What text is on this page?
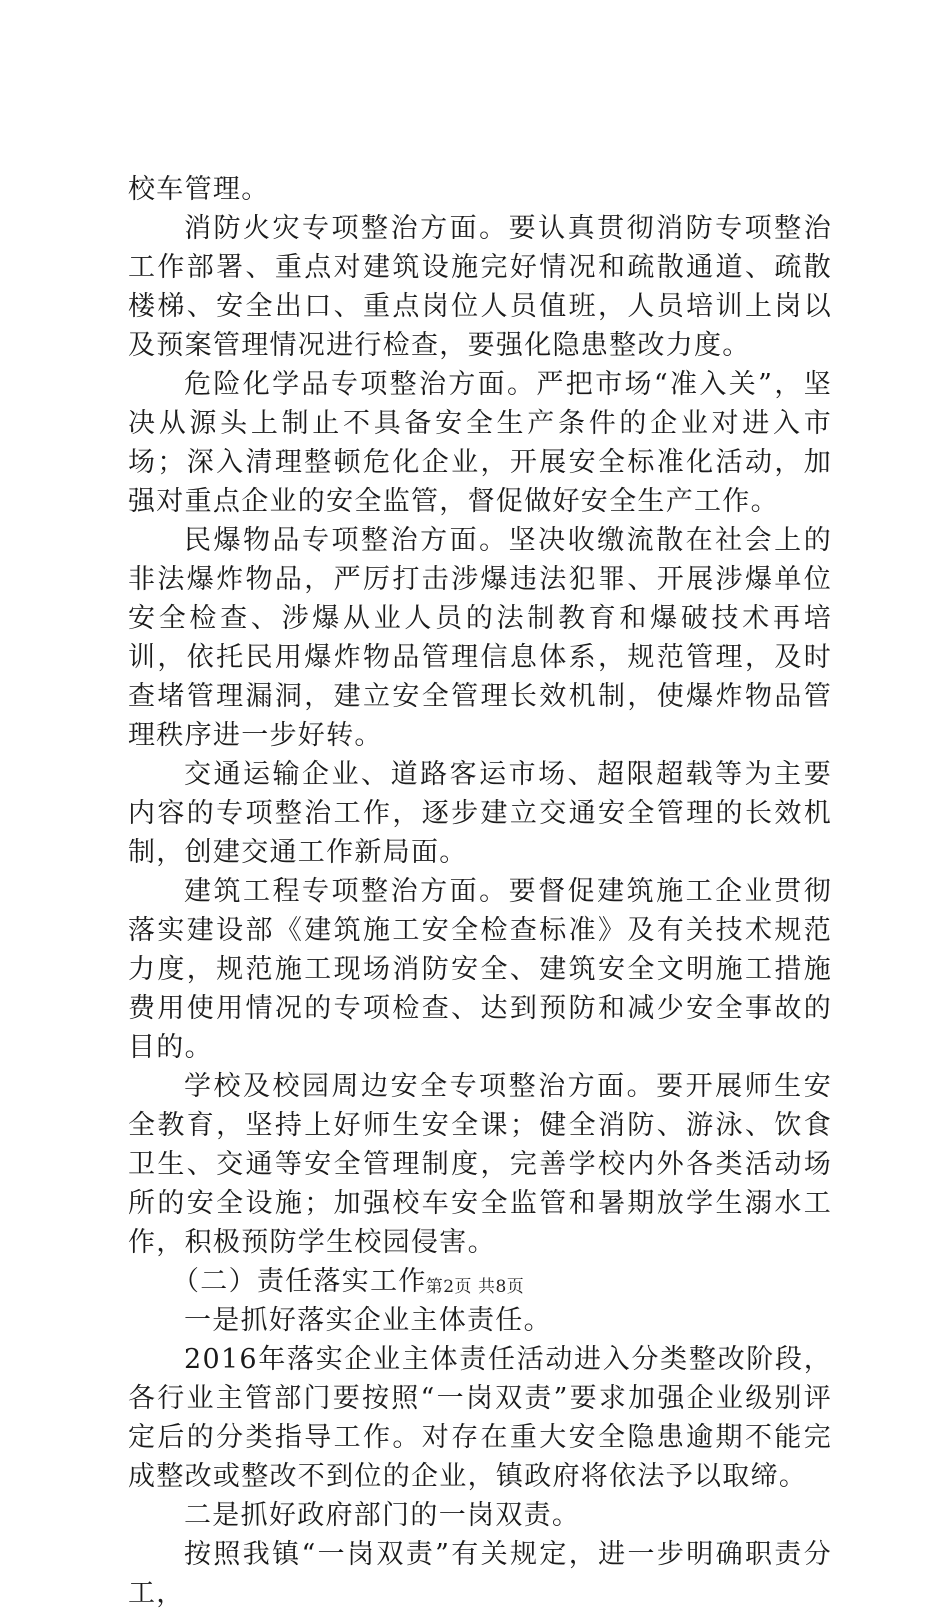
校车管理。

消防火灾专项整治方面。要认真贯彻消防专项整治工作部署、重点对建筑设施完好情况和疏散通道、疏散楼梯、安全出口、重点岗位人员值班，人员培训上岗以及预案管理情况进行检查，要强化隐患整改力度。

危险化学品专项整治方面。严把市场“准入关”，坚决从源头上制止不具备安全生产条件的企业对进入市场；深入清理整顿危化企业，开展安全标准化活动，加强对重点企业的安全监管，督促做好安全生产工作。

民爆物品专项整治方面。坚决收缴流散在社会上的非法爆炸物品，严厉打击涉爆违法犯罪、开展涉爆单位安全检查、涉爆从业人员的法制教育和爆破技术再培训，依托民用爆炸物品管理信息体系，规范管理，及时查堵管理漏洞，建立安全管理长效机制，使爆炸物品管理秩序进一步好转。

交通运输企业、道路客运市场、超限超载等为主要内容的专项整治工作，逐步建立交通安全管理的长效机制，创建交通工作新局面。

建筑工程专项整治方面。要督促建筑施工企业贯彻落实建设部《建筑施工安全检查标准》及有关技术规范力度，规范施工现场消防安全、建筑安全文明施工措施费用使用情况的专项检查、达到预防和减少安全事故的目的。

学校及校园周边安全专项整治方面。要开展师生安全教育，坚持上好师生安全课；健全消防、游泳、饮食卫生、交通等安全管理制度，完善学校内外各类活动场所的安全设施；加强校车安全监管和暑期放学生溺水工作，积极预防学生校园侵害。

（二）责任落实工作

一是抓好落实企业主体责任。

2016年落实企业主体责任活动进入分类整改阶段，各行业主管部门要按照“一岗双责”要求加强企业级别评定后的分类指导工作。对存在重大安全隐患逾期不能完成整改或整改不到位的企业，镇政府将依法予以取缔。

二是抓好政府部门的一岗双责。

按照我镇“一岗双责”有关规定，进一步明确职责分工，

第2页 共8页
